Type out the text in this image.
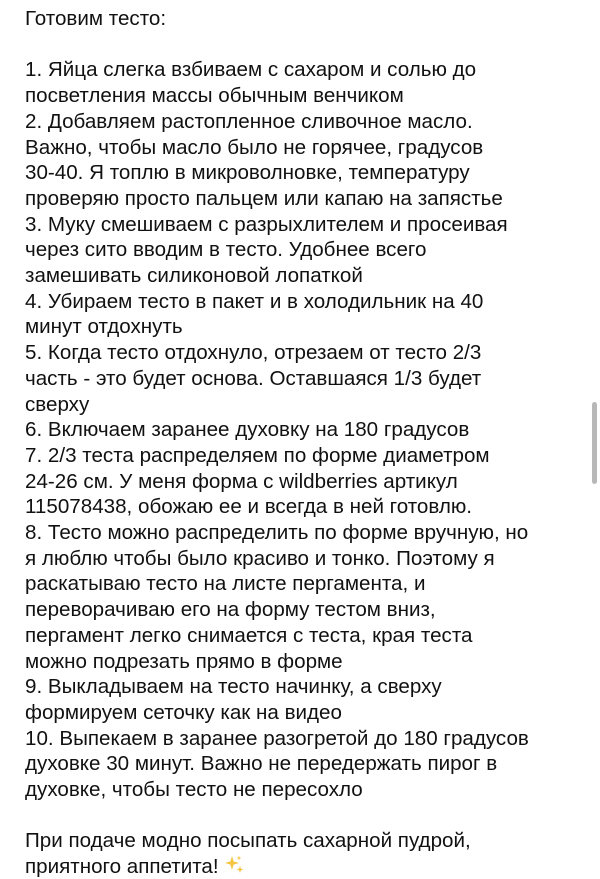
Готовим тесто:

1. Яйца слегка взбиваем с сахаром и солью до
посветления массы обычным венчиком

2. Добавляем растопленное сливочное масло.
Важно, чтобы масло было не горячее, градусов
30-40. Я топлю в микроволновке, температуру
проверяю просто пальцем или капаю на запястье

3. Муку смешиваем с разрыхлителем и просеивая
через сито вводим в тесто. Удобнее всего
замешивать силиконовой лопаткой

4. Убираем тесто в пакет и в холодильник на 40
минут отдохнуть

5. Когда тесто отдохнуло, отрезаем от тесто 2/3
часть - это будет основа. Оставшаяся 1/3 будет
сверху

6. Включаем заранее духовку на 180 градусов

7. 2/3 теста распределяем по форме диаметром
24-26 см. У меня форма с wildberries артикул
115078438, обожаю ее и всегда в ней готовлю.

8. Тесто можно распределить по форме вручную, но
я люблю чтобы было красиво и тонко. Поэтому я
раскатываю тесто на листе пергамента, и
переворачиваю его на форму тестом вниз,
пергамент легко снимается с теста, края теста
можно подрезать прямо в форме

9. Выкладываем на тесто начинку, а сверху
формируем сеточку как на видео

10. Выпекаем в заранее разогретой до 180 градусов
духовке 30 минут. Важно не передержать пирог в
духовке, чтобы тесто не пересохло

При подаче модно посыпать сахарной пудрой,
приятного аппетита!
